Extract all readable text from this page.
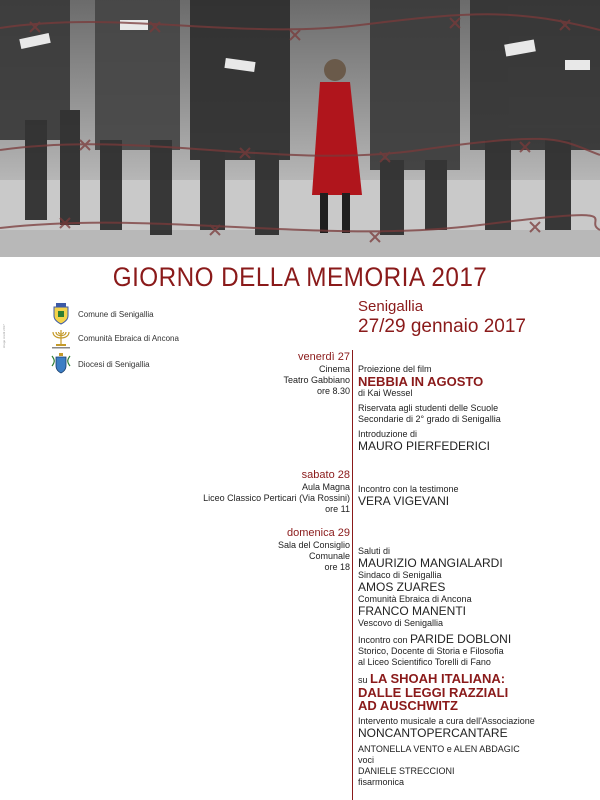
GIORNO DELLA MEMORIA 2017
image credit 2017
Comune di Senigallia
Comunità Ebraica di Ancona
Diocesi di Senigallia
Senigallia
27/29 gennaio 2017
venerdì 27
Cinema
Teatro Gabbiano
ore 8.30
Proiezione del film
NEBBIA IN AGOSTO
di Kai Wessel
Riservata agli studenti delle Scuole
Secondarie di 2° grado di Senigallia
Introduzione di
MAURO PIERFEDERICI
sabato 28
Aula Magna
Liceo Classico Perticari (Via Rossini)
ore 11
Incontro con la testimone
VERA VIGEVANI
domenica 29
Sala del Consiglio
Comunale
ore 18
Saluti di
MAURIZIO MANGIALARDI
Sindaco di Senigallia
AMOS ZUARES
Comunità Ebraica di Ancona
FRANCO MANENTI
Vescovo di Senigallia
Incontro con PARIDE DOBLONI
Storico, Docente di Storia e Filosofia
al Liceo Scientifico Torelli di Fano
su LA SHOAH ITALIANA:
DALLE LEGGI RAZZIALI
AD AUSCHWITZ
Intervento musicale a cura dell'Associazione
NONCANTOPERCANTARE
ANTONELLA VENTO e ALEN ABDAGIC
voci
DANIELE STRECCIONI
fisarmonica
